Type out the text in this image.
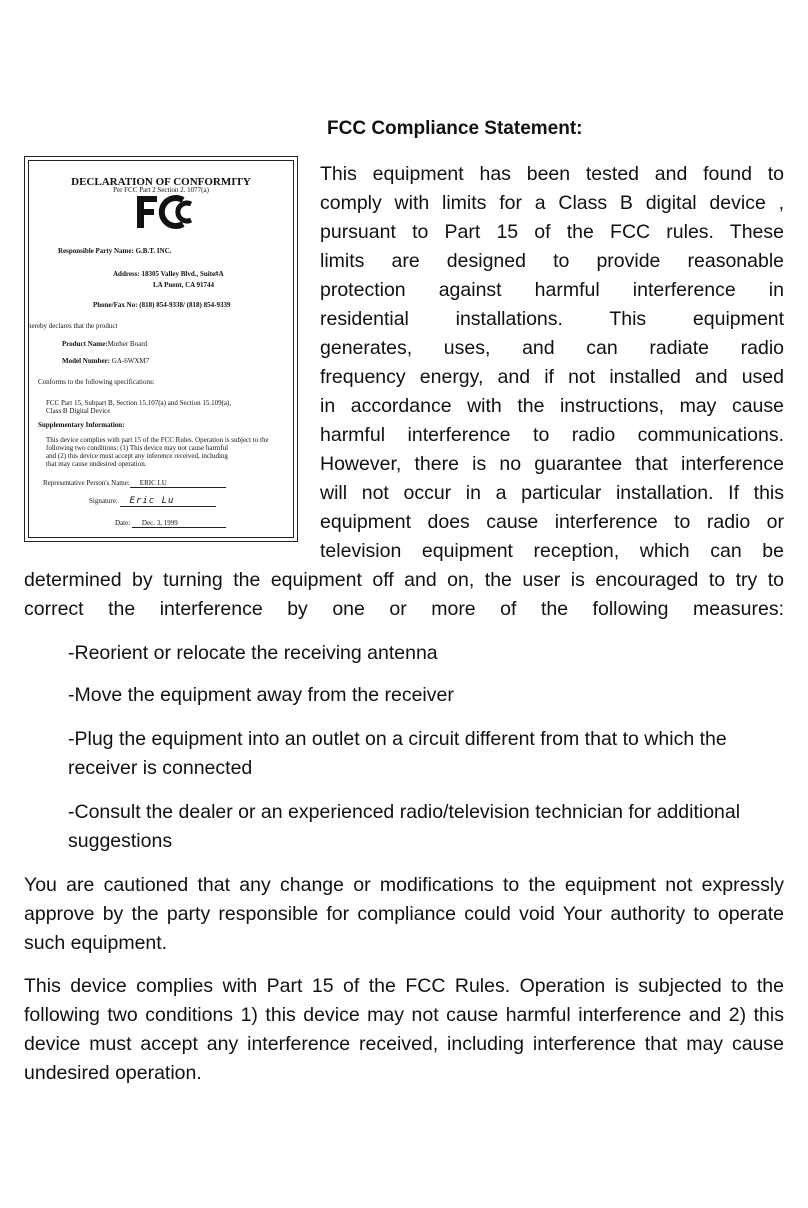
FCC Compliance Statement:
DECLARATION OF CONFORMITY
Per FCC Part 2 Section 2. 1077(a)
Responsible Party Name: G.B.T. INC.
Address: 18305 Valley Blvd., Suite#A
LA Puent, CA 91744
Phone/Fax No: (818) 854-9338/ (818) 854-9339
hereby declares that the product
Product Name:Mother Board
Model Number: GA-6WXM7
Conforms to the following specifications:
FCC Part 15, Subpart B, Section 15.107(a) and Section 15.109(a),
Class B Digital Device
Supplementary Information:
This device complies with part 15 of the FCC Rules. Operation is subject to the
following two conditions: (1) This device may not cause harmful
and (2) this device must accept any inference received, including
that may cause undesired operation.
Representative Person's Name: ERIC LU
Signature: Eric Lu
Date: Dec. 3, 1999
This equipment has been tested and found to
comply with limits for a Class B digital device ,
pursuant to Part 15 of the FCC rules. These
limits are designed to provide reasonable
protection against harmful interference in
residential installations. This equipment
generates, uses, and can radiate radio
frequency energy, and if not installed and used
in accordance with the instructions, may cause
harmful interference to radio communications.
However, there is no guarantee that interference
will not occur in a particular installation. If this
equipment does cause interference to radio or
television equipment reception, which can be
determined by turning the equipment off and on, the user is encouraged to try to
correct the interference by one or more of the following measures:

-Reorient or relocate the receiving antenna

-Move the equipment away from the receiver

-Plug the equipment into an outlet on a circuit different from that to which the receiver is connected

-Consult the dealer or an experienced radio/television technician for additional suggestions

You are cautioned that any change or modifications to the equipment not expressly approve by the party responsible for compliance could void Your authority to operate such equipment.

This device complies with Part 15 of the FCC Rules. Operation is subjected to the following two conditions 1) this device may not cause harmful interference and 2) this device must accept any interference received, including interference that may cause undesired operation.
